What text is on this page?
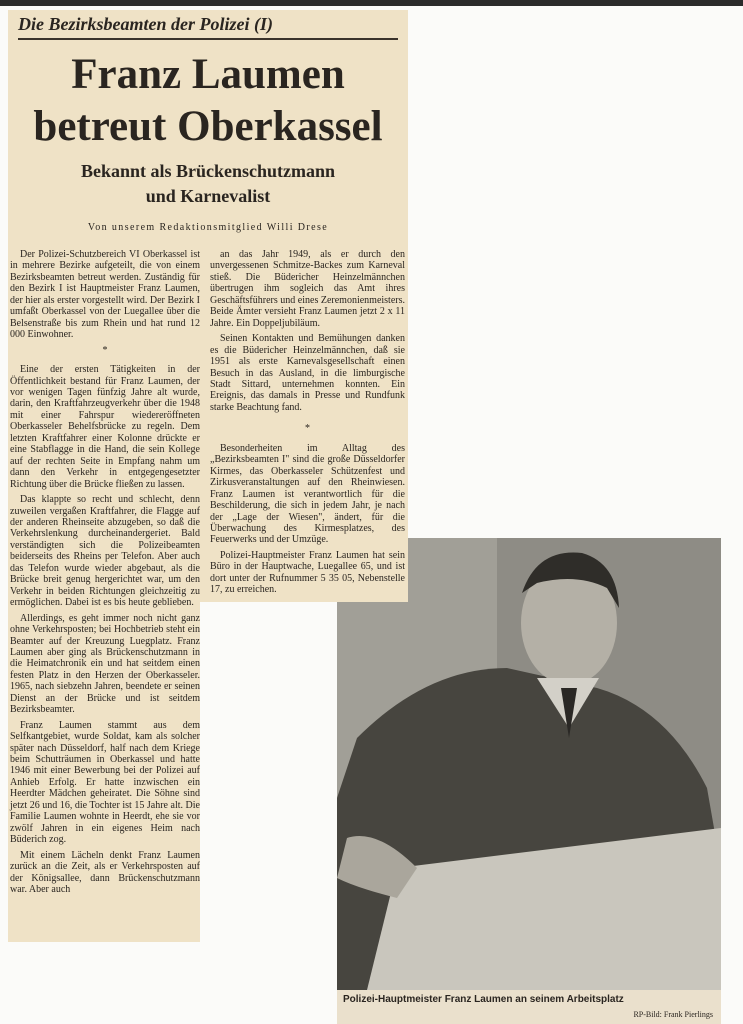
Die Bezirksbeamten der Polizei (I)
Franz Laumen
betreut Oberkassel
Bekannt als Brückenschutzmann
und Karnevalist
Von unserem Redaktionsmitglied Willi Drese

Der Polizei-Schutzbereich VI Oberkassel ist in mehrere Bezirke aufgeteilt, die von einem Bezirksbeamten betreut werden. Zuständig für den Bezirk I ist Hauptmeister Franz Laumen, der hier als erster vorgestellt wird. Der Bezirk I umfaßt Oberkassel von der Luegallee über die Belsenstraße bis zum Rhein und hat rund 12 000 Einwohner.

*

Eine der ersten Tätigkeiten in der Öffentlichkeit bestand für Franz Laumen, der vor wenigen Tagen fünfzig Jahre alt wurde, darin, den Kraftfahrzeugverkehr über die 1948 mit einer Fahrspur wiedereröffneten Oberkasseler Behelfsbrücke zu regeln. Dem letzten Kraftfahrer einer Kolonne drückte er eine Stabflagge in die Hand, die sein Kollege auf der rechten Seite in Empfang nahm um dann den Verkehr in entgegengesetzter Richtung über die Brücke fließen zu lassen.

Das klappte so recht und schlecht, denn zuweilen vergaßen Kraftfahrer, die Flagge auf der anderen Rheinseite abzugeben, so daß die Verkehrslenkung durcheinandergeriet. Bald verständigten sich die Polizeibeamten beiderseits des Rheins per Telefon. Aber auch das Telefon wurde wieder abgebaut, als die Brücke breit genug hergerichtet war, um den Verkehr in beiden Richtungen gleichzeitig zu ermöglichen. Dabei ist es bis heute geblieben.

Allerdings, es geht immer noch nicht ganz ohne Verkehrsposten; bei Hochbetrieb steht ein Beamter auf der Kreuzung Luegplatz. Franz Laumen aber ging als Brückenschutzmann in die Heimatchronik ein und hat seitdem einen festen Platz in den Herzen der Oberkasseler. 1965, nach siebzehn Jahren, beendete er seinen Dienst an der Brücke und ist seitdem Bezirksbeamter.

Franz Laumen stammt aus dem Selfkantgebiet, wurde Soldat, kam als solcher später nach Düsseldorf, half nach dem Kriege beim Schutträumen in Oberkassel und hatte 1946 mit einer Bewerbung bei der Polizei auf Anhieb Erfolg. Er hatte inzwischen ein Heerdter Mädchen geheiratet. Die Söhne sind jetzt 26 und 16, die Tochter ist 15 Jahre alt. Die Familie Laumen wohnte in Heerdt, ehe sie vor zwölf Jahren in ein eigenes Heim nach Büderich zog.

Mit einem Lächeln denkt Franz Laumen zurück an die Zeit, als er Verkehrsposten auf der Königsallee, dann Brückenschutzmann war. Aber auch

an das Jahr 1949, als er durch den unvergessenen Schmitze-Backes zum Karneval stieß. Die Büdericher Heinzelmännchen übertrugen ihm sogleich das Amt ihres Geschäftsführers und eines Zeremonienmeisters. Beide Ämter versieht Franz Laumen jetzt 2 x 11 Jahre. Ein Doppeljubiläum.

Seinen Kontakten und Bemühungen danken es die Büdericher Heinzelmännchen, daß sie 1951 als erste Karnevalsgesellschaft einen Besuch in das Ausland, in die limburgische Stadt Sittard, unternehmen konnten. Ein Ereignis, das damals in Presse und Rundfunk starke Beachtung fand.

*

Besonderheiten im Alltag des „Bezirksbeamten I" sind die große Düsseldorfer Kirmes, das Oberkasseler Schützenfest und Zirkusveranstaltungen auf den Rheinwiesen. Franz Laumen ist verantwortlich für die Beschilderung, die sich in jedem Jahr, je nach der „Lage der Wiesen", ändert, für die Überwachung des Kirmesplatzes, des Feuerwerks und der Umzüge.

Polizei-Hauptmeister Franz Laumen hat sein Büro in der Hauptwache, Luegallee 65, und ist dort unter der Rufnummer 5 35 05, Nebenstelle 17, zu erreichen.

Polizei-Hauptmeister Franz Laumen an seinem Arbeitsplatz
RP-Bild: Frank Pierlings
